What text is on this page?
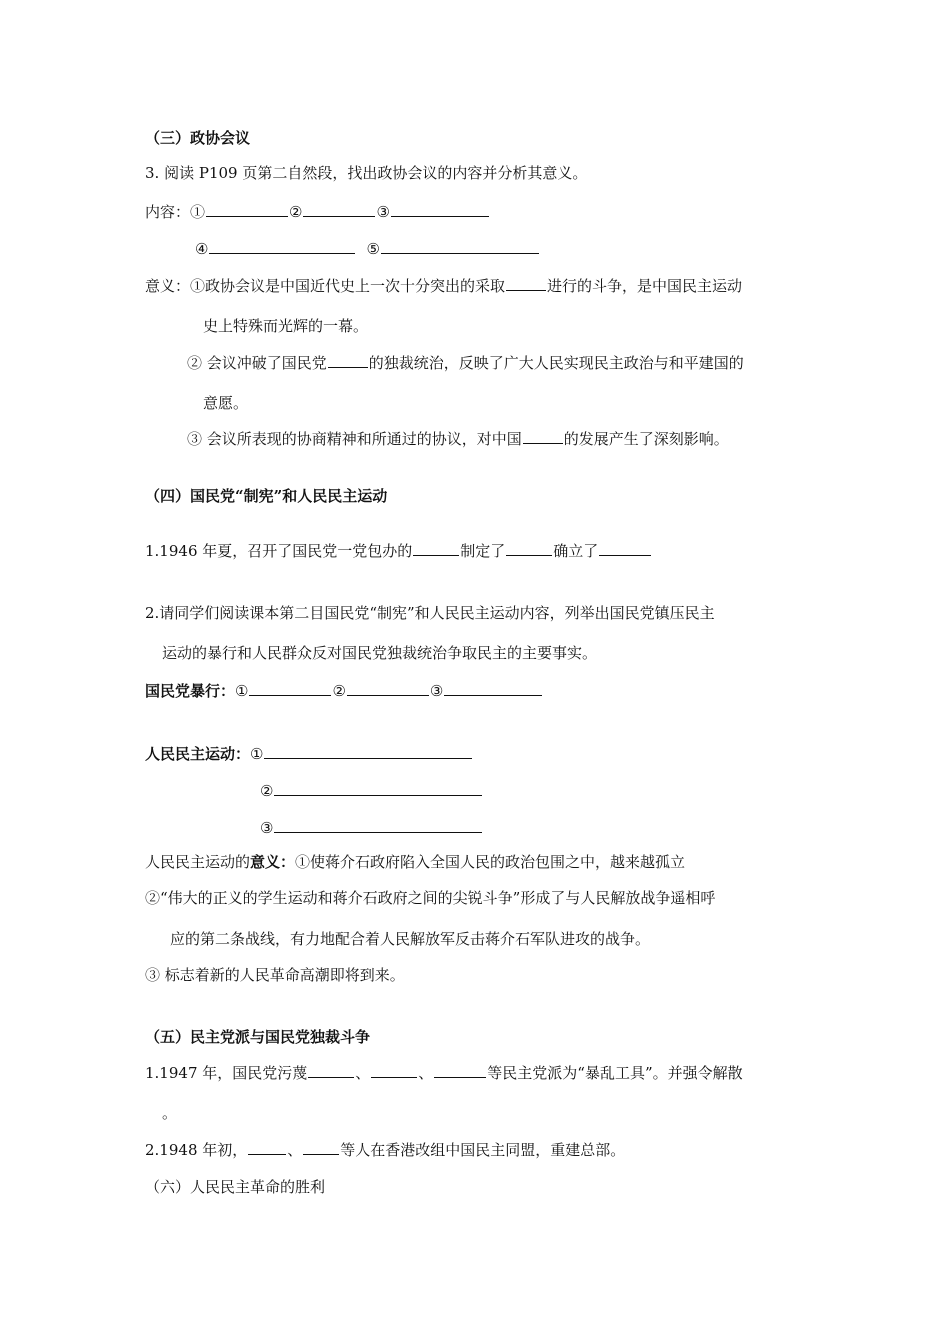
（三）政协会议
3. 阅读 P109 页第二自然段，找出政协会议的内容并分析其意义。
内容：①	②	③
④	⑤
意义：①政协会议是中国近代史上一次十分突出的采取	进行的斗争，是中国民主运动
史上特殊而光辉的一幕。
② 会议冲破了国民党	的独裁统治，反映了广大人民实现民主政治与和平建国的
意愿。
③ 会议所表现的协商精神和所通过的协议，对中国	的发展产生了深刻影响。
（四）国民党“制宪”和人民民主运动
1.1946 年夏，召开了国民党一党包办的	制定了	确立了
2.请同学们阅读课本第二目国民党“制宪”和人民民主运动内容，列举出国民党镇压民主
运动的暴行和人民群众反对国民党独裁统治争取民主的主要事实。
国民党暴行：①	②	③
人民民主运动：①
②
③
人民民主运动的意义：①使蒋介石政府陷入全国人民的政治包围之中，越来越孤立
②“伟大的正义的学生运动和蒋介石政府之间的尖锐斗争”形成了与人民解放战争遥相呼
应的第二条战线，有力地配合着人民解放军反击蒋介石军队进攻的战争。
③ 标志着新的人民革命高潮即将到来。
（五）民主党派与国民党独裁斗争
1.1947 年，国民党污蔑	、	、	等民主党派为“暴乱工具”。并强令解散
。
2.1948 年初，	、	等人在香港改组中国民主同盟，重建总部。
（六）人民民主革命的胜利
